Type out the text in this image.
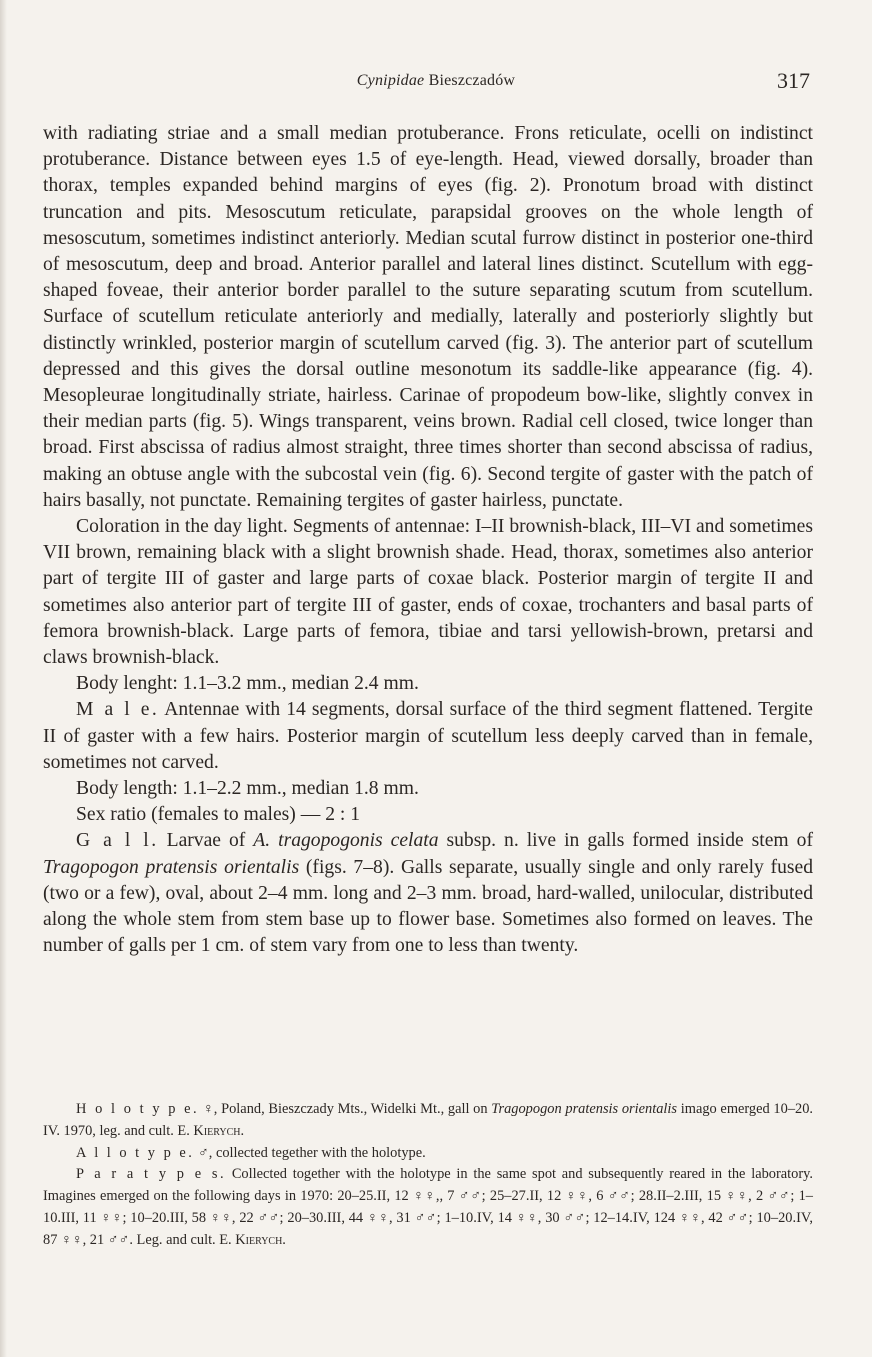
Cynipidae Bieszczadów	317

with radiating striae and a small median protuberance. Frons reticulate, ocelli on indistinct protuberance. Distance between eyes 1.5 of eye-length. Head, viewed dorsally, broader than thorax, temples expanded behind margins of eyes (fig. 2). Pronotum broad with distinct truncation and pits. Mesoscutum reticulate, parapsidal grooves on the whole length of mesoscutum, sometimes indistinct anteriorly. Median scutal furrow distinct in posterior one-third of mesoscutum, deep and broad. Anterior parallel and lateral lines distinct. Scutellum with egg-shaped foveae, their anterior border parallel to the suture separating scutum from scutellum. Surface of scutellum reticulate anteriorly and medially, laterally and posteriorly slightly but distinctly wrinkled, posterior margin of scutellum carved (fig. 3). The anterior part of scutellum depressed and this gives the dorsal outline mesonotum its saddle-like appearance (fig. 4). Mesopleurae longitudinally striate, hairless. Carinae of propodeum bow-like, slightly convex in their median parts (fig. 5). Wings transparent, veins brown. Radial cell closed, twice longer than broad. First abscissa of radius almost straight, three times shorter than second abscissa of radius, making an obtuse angle with the subcostal vein (fig. 6). Second tergite of gaster with the patch of hairs basally, not punctate. Remaining tergites of gaster hairless, punctate.

Coloration in the day light. Segments of antennae: I–II brownish-black, III–VI and sometimes VII brown, remaining black with a slight brownish shade. Head, thorax, sometimes also anterior part of tergite III of gaster and large parts of coxae black. Posterior margin of tergite II and sometimes also anterior part of tergite III of gaster, ends of coxae, trochanters and basal parts of femora brownish-black. Large parts of femora, tibiae and tarsi yellowish-brown, pretarsi and claws brownish-black.

Body lenght: 1.1–3.2 mm., median 2.4 mm.

M a l e. Antennae with 14 segments, dorsal surface of the third segment flattened. Tergite II of gaster with a few hairs. Posterior margin of scutellum less deeply carved than in female, sometimes not carved.

Body length: 1.1–2.2 mm., median 1.8 mm.

Sex ratio (females to males) — 2 : 1

G a l l. Larvae of A. tragopogonis celata subsp. n. live in galls formed inside stem of Tragopogon pratensis orientalis (figs. 7–8). Galls separate, usually single and only rarely fused (two or a few), oval, about 2–4 mm. long and 2–3 mm. broad, hard-walled, unilocular, distributed along the whole stem from stem base up to flower base. Sometimes also formed on leaves. The number of galls per 1 cm. of stem vary from one to less than twenty.

H o l o t y p e. ♀, Poland, Bieszczady Mts., Widelki Mt., gall on Tragopogon pratensis orientalis imago emerged 10–20. IV. 1970, leg. and cult. E. Kierych.

A l l o t y p e. ♂, collected tegether with the holotype.

P a r a t y p e s. Collected together with the holotype in the same spot and subsequently reared in the laboratory. Imagines emerged on the following days in 1970: 20–25.II, 12 ♀♀,, 7 ♂♂; 25–27.II, 12 ♀♀, 6 ♂♂; 28.II–2.III, 15 ♀♀, 2 ♂♂; 1–10.III, 11 ♀♀; 10–20.III, 58 ♀♀, 22 ♂♂; 20–30.III, 44 ♀♀, 31 ♂♂; 1–10.IV, 14 ♀♀, 30 ♂♂; 12–14.IV, 124 ♀♀, 42 ♂♂; 10–20.IV, 87 ♀♀, 21 ♂♂. Leg. and cult. E. Kierych.
